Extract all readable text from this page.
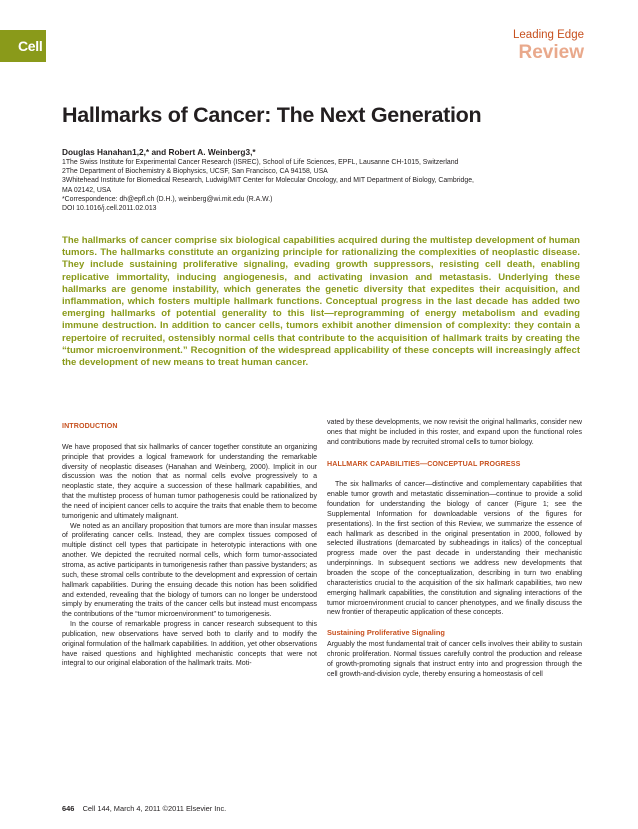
Cell
Leading Edge
Review
Hallmarks of Cancer: The Next Generation
Douglas Hanahan1,2,* and Robert A. Weinberg3,*
1The Swiss Institute for Experimental Cancer Research (ISREC), School of Life Sciences, EPFL, Lausanne CH-1015, Switzerland
2The Department of Biochemistry & Biophysics, UCSF, San Francisco, CA 94158, USA
3Whitehead Institute for Biomedical Research, Ludwig/MIT Center for Molecular Oncology, and MIT Department of Biology, Cambridge,
MA 02142, USA
*Correspondence: dh@epfl.ch (D.H.), weinberg@wi.mit.edu (R.A.W.)
DOI 10.1016/j.cell.2011.02.013
The hallmarks of cancer comprise six biological capabilities acquired during the multistep development of human tumors. The hallmarks constitute an organizing principle for rationalizing the complexities of neoplastic disease. They include sustaining proliferative signaling, evading growth suppressors, resisting cell death, enabling replicative immortality, inducing angiogenesis, and activating invasion and metastasis. Underlying these hallmarks are genome instability, which generates the genetic diversity that expedites their acquisition, and inflammation, which fosters multiple hallmark functions. Conceptual progress in the last decade has added two emerging hallmarks of potential generality to this list—reprogramming of energy metabolism and evading immune destruction. In addition to cancer cells, tumors exhibit another dimension of complexity: they contain a repertoire of recruited, ostensibly normal cells that contribute to the acquisition of hallmark traits by creating the “tumor microenvironment.” Recognition of the widespread applicability of these concepts will increasingly affect the development of new means to treat human cancer.
INTRODUCTION

We have proposed that six hallmarks of cancer together constitute an organizing principle that provides a logical framework for understanding the remarkable diversity of neoplastic diseases (Hanahan and Weinberg, 2000). Implicit in our discussion was the notion that as normal cells evolve progressively to a neoplastic state, they acquire a succession of these hallmark capabilities, and that the multistep process of human tumor pathogenesis could be rationalized by the need of incipient cancer cells to acquire the traits that enable them to become tumorigenic and ultimately malignant.

We noted as an ancillary proposition that tumors are more than insular masses of proliferating cancer cells. Instead, they are complex tissues composed of multiple distinct cell types that participate in heterotypic interactions with one another. We depicted the recruited normal cells, which form tumor-associated stroma, as active participants in tumorigenesis rather than passive bystanders; as such, these stromal cells contribute to the development and expression of certain hallmark capabilities. During the ensuing decade this notion has been solidified and extended, revealing that the biology of tumors can no longer be understood simply by enumerating the traits of the cancer cells but instead must encompass the contributions of the “tumor microenvironment” to tumorigenesis.

In the course of remarkable progress in cancer research subsequent to this publication, new observations have served both to clarify and to modify the original formulation of the hallmark capabilities. In addition, yet other observations have raised questions and highlighted mechanistic concepts that were not integral to our original elaboration of the hallmark traits. Moti-

vated by these developments, we now revisit the original hallmarks, consider new ones that might be included in this roster, and expand upon the functional roles and contributions made by recruited stromal cells to tumor biology.

HALLMARK CAPABILITIES—CONCEPTUAL PROGRESS

The six hallmarks of cancer—distinctive and complementary capabilities that enable tumor growth and metastatic dissemination—continue to provide a solid foundation for understanding the biology of cancer (Figure 1; see the Supplemental Information for downloadable versions of the figures for presentations). In the first section of this Review, we summarize the essence of each hallmark as described in the original presentation in 2000, followed by selected illustrations (demarcated by subheadings in italics) of the conceptual progress made over the past decade in understanding their mechanistic underpinnings. In subsequent sections we address new developments that broaden the scope of the conceptualization, describing in turn two enabling characteristics crucial to the acquisition of the six hallmark capabilities, two new emerging hallmark capabilities, the constitution and signaling interactions of the tumor microenvironment crucial to cancer phenotypes, and we finally discuss the new frontier of therapeutic application of these concepts.

Sustaining Proliferative Signaling

Arguably the most fundamental trait of cancer cells involves their ability to sustain chronic proliferation. Normal tissues carefully control the production and release of growth-promoting signals that instruct entry into and progression through the cell growth-and-division cycle, thereby ensuring a homeostasis of cell

646 Cell 144, March 4, 2011 ©2011 Elsevier Inc.
